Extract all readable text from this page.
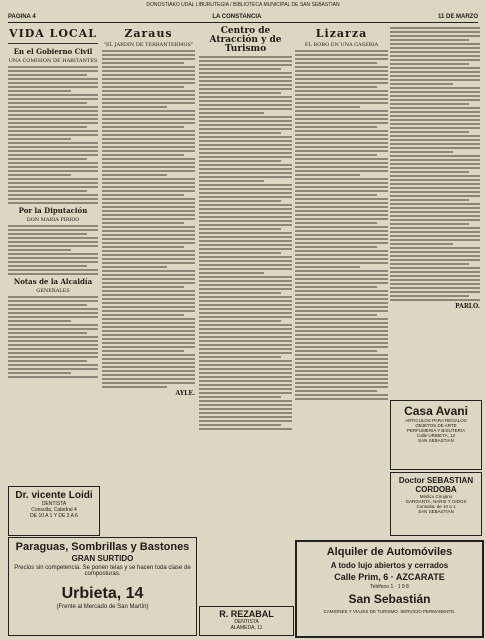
DONOSTIAKO UDAL LIBURUTEGIA / BIBLIOTECA MUNICIPAL DE SAN SEBASTIAN
PAGINA 4	LA CONSTANCIA	11 DE MARZO
VIDA LOCAL
En el Gobierno Civil
UNA COMISION DE HABITANTES
Por la Diputación
DON MARIA PIRRIO
Notas de la Alcaldía
GENERALES
Zaraus
"EL JARDIN DE TERRANTERMOS"
AYLE.
Centro de Atracción y de Turismo
Lizarza
EL ROBO EN UNA CASERIA
PARLO.
Dr. vicente Loidi
DENTISTA
Consulta, Catedral 4
DE 10 A 1 Y DE 3 A 6
Paraguas, Sombrillas y Bastones
GRAN SURTIDO
Precios sin competencia. Se ponen telas y se hacen toda clase de composturas.
Urbieta, 14
(Frente al Mercado de San Martín)
R. REZABAL
DENTISTA
ALAMEDA, 11
Casa Avani
ARTICULOS PARA REGALOS
OBJETOS DE ARTE
PERFUMERIA Y BISUTERIA
Calle URBIETA, 12
SAN SEBASTIAN
Doctor SEBASTIAN CORDOBA
Médico Cirujano
GARGANTA, NARIZ Y OIDOS
Consulta: de 10 a 1
SAN SEBASTIAN
Alquiler de Automóviles
A todo lujo abiertos y cerrados
Calle Prim, 6 · AZCARATE
Teléfono 1 · 1 9 8
San Sebastián
CAMIONES Y VIAJES DE TURISMO. SERVICIO PERMANENTE.
